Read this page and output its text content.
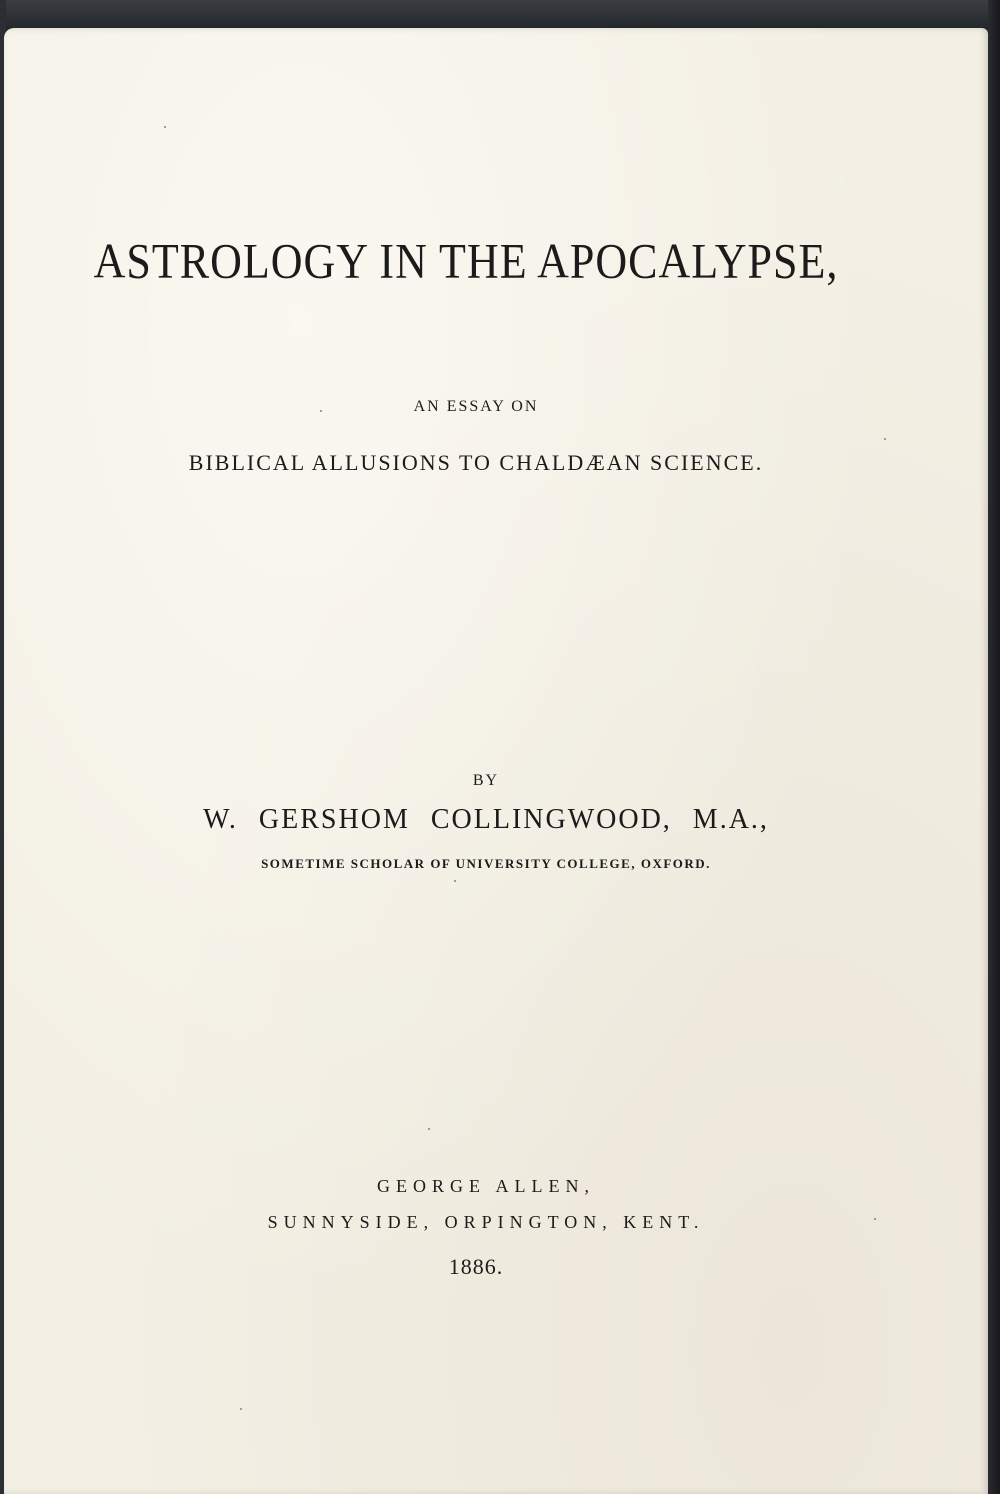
ASTROLOGY IN THE APOCALYPSE,
AN ESSAY ON
BIBLICAL ALLUSIONS TO CHALDÆAN SCIENCE.
BY
W. GERSHOM COLLINGWOOD, M.A.,
SOMETIME SCHOLAR OF UNIVERSITY COLLEGE, OXFORD.
GEORGE ALLEN,
SUNNYSIDE, ORPINGTON, KENT.
1886.
